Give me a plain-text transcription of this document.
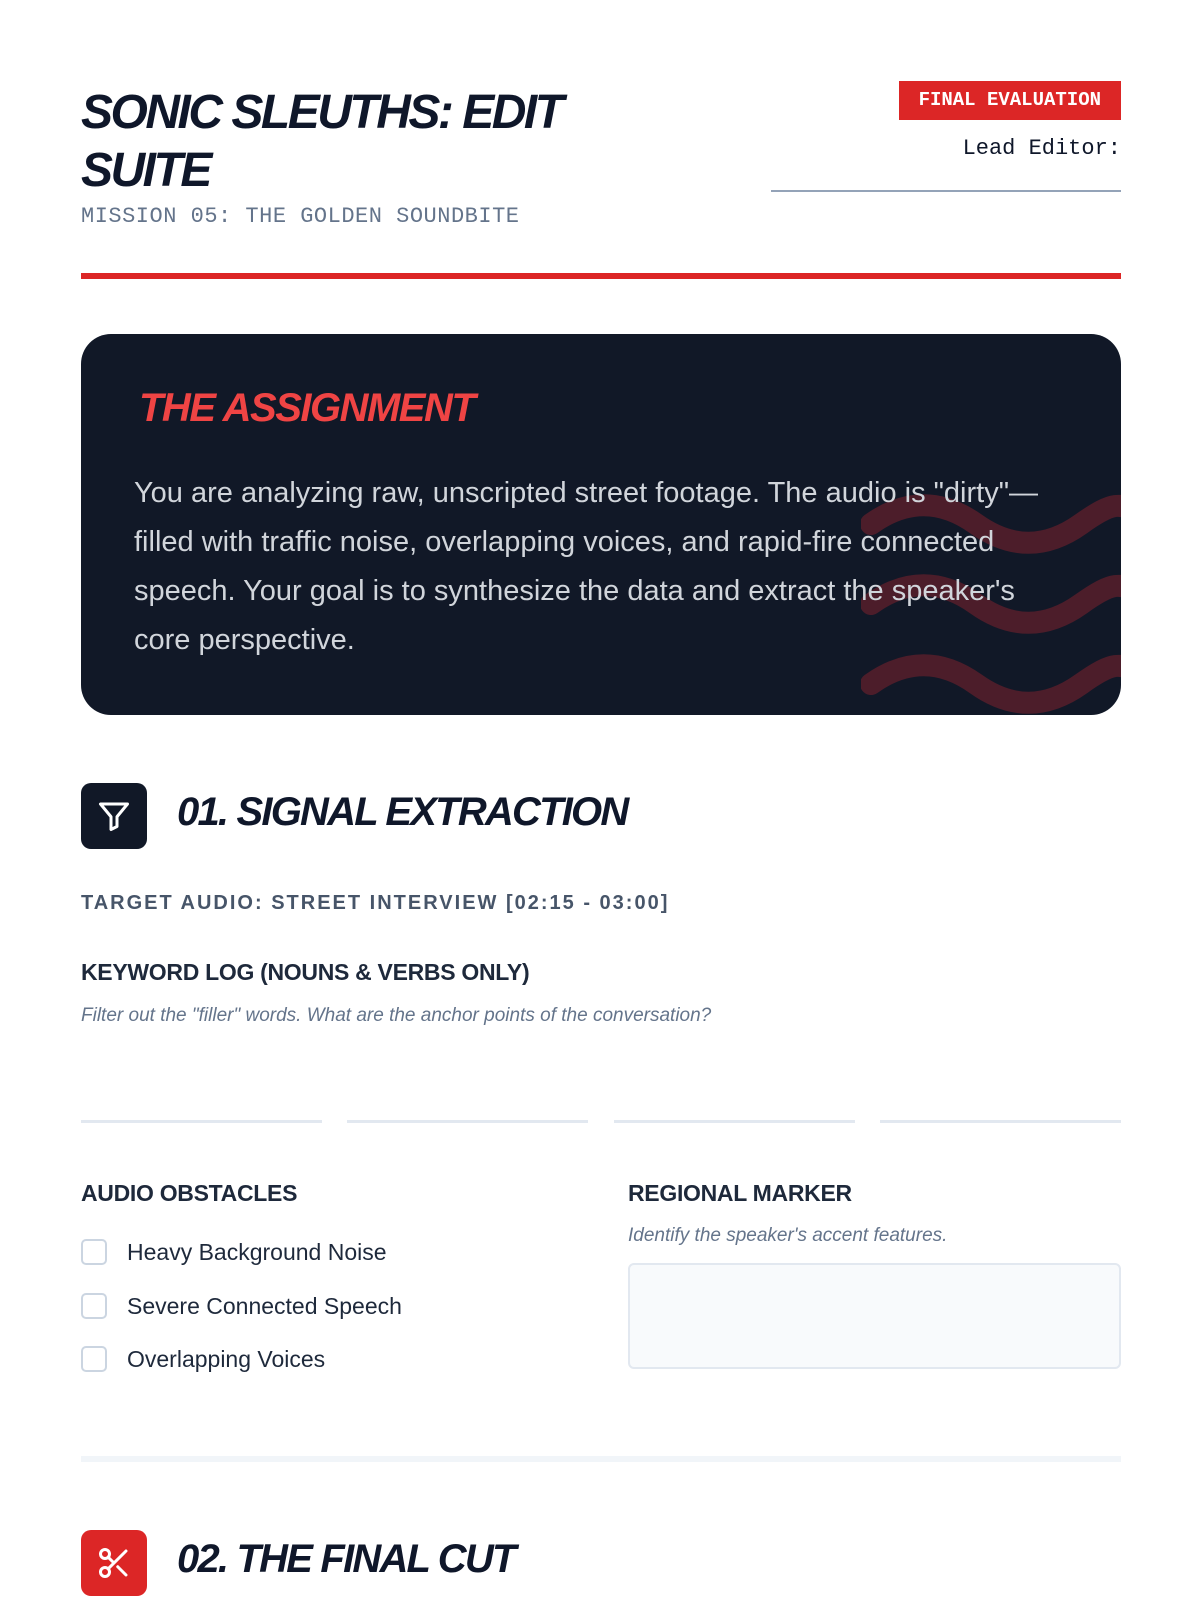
SONIC SLEUTHS: EDIT SUITE
MISSION 05: THE GOLDEN SOUNDBITE
FINAL EVALUATION
Lead Editor:
THE ASSIGNMENT

You are analyzing raw, unscripted street footage. The audio is "dirty"—filled with traffic noise, overlapping voices, and rapid-fire connected speech. Your goal is to synthesize the data and extract the speaker's core perspective.

01. SIGNAL EXTRACTION
TARGET AUDIO: STREET INTERVIEW [02:15 - 03:00]
KEYWORD LOG (NOUNS & VERBS ONLY)
Filter out the "filler" words. What are the anchor points of the conversation?
AUDIO OBSTACLES
Heavy Background Noise
Severe Connected Speech
Overlapping Voices
REGIONAL MARKER
Identify the speaker's accent features.
02. THE FINAL CUT
